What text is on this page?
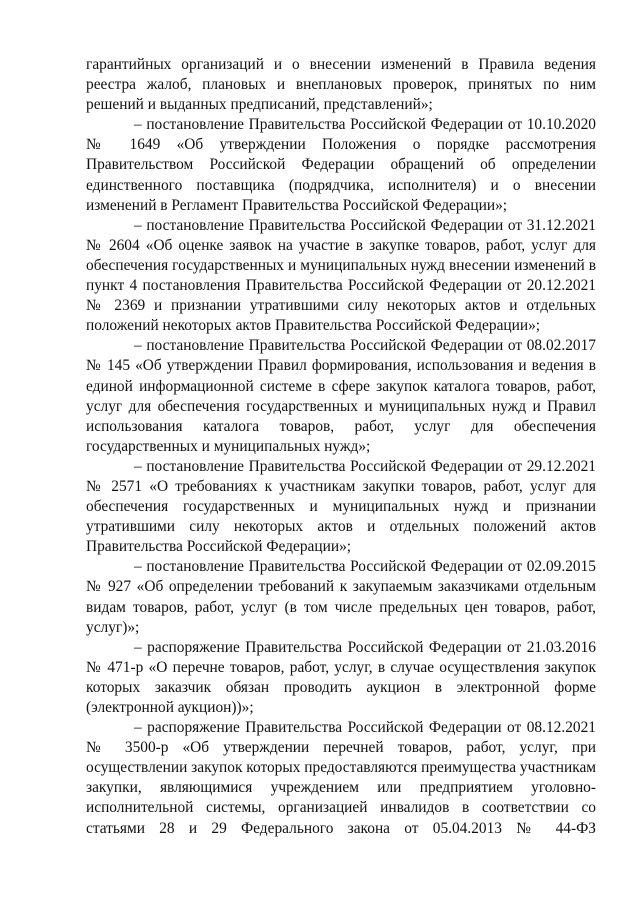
гарантийных организаций и о внесении изменений в Правила ведения реестра жалоб, плановых и внеплановых проверок, принятых по ним решений и выданных предписаний, представлений»;

– постановление Правительства Российской Федерации от 10.10.2020 № 1649 «Об утверждении Положения о порядке рассмотрения Правительством Российской Федерации обращений об определении единственного поставщика (подрядчика, исполнителя) и о внесении изменений в Регламент Правительства Российской Федерации»;

– постановление Правительства Российской Федерации от 31.12.2021 № 2604 «Об оценке заявок на участие в закупке товаров, работ, услуг для обеспечения государственных и муниципальных нужд внесении изменений в пункт 4 постановления Правительства Российской Федерации от 20.12.2021 № 2369 и признании утратившими силу некоторых актов и отдельных положений некоторых актов Правительства Российской Федерации»;

– постановление Правительства Российской Федерации от 08.02.2017 № 145 «Об утверждении Правил формирования, использования и ведения в единой информационной системе в сфере закупок каталога товаров, работ, услуг для обеспечения государственных и муниципальных нужд и Правил использования каталога товаров, работ, услуг для обеспечения государственных и муниципальных нужд»;

– постановление Правительства Российской Федерации от 29.12.2021 № 2571 «О требованиях к участникам закупки товаров, работ, услуг для обеспечения государственных и муниципальных нужд и признании утратившими силу некоторых актов и отдельных положений актов Правительства Российской Федерации»;

– постановление Правительства Российской Федерации от 02.09.2015 № 927 «Об определении требований к закупаемым заказчиками отдельным видам товаров, работ, услуг (в том числе предельных цен товаров, работ, услуг)»;

– распоряжение Правительства Российской Федерации от 21.03.2016  № 471-р «О перечне товаров, работ, услуг, в случае осуществления закупок которых заказчик обязан проводить аукцион в электронной форме (электронной аукцион))»;

– распоряжение Правительства Российской Федерации от 08.12.2021 № 3500-р «Об утверждении перечней товаров, работ, услуг, при осуществлении закупок которых предоставляются преимущества участникам закупки, являющимися учреждением или предприятием уголовно-исполнительной системы, организацией инвалидов в соответствии со статьями 28 и 29 Федерального закона от 05.04.2013 № 44-ФЗ
